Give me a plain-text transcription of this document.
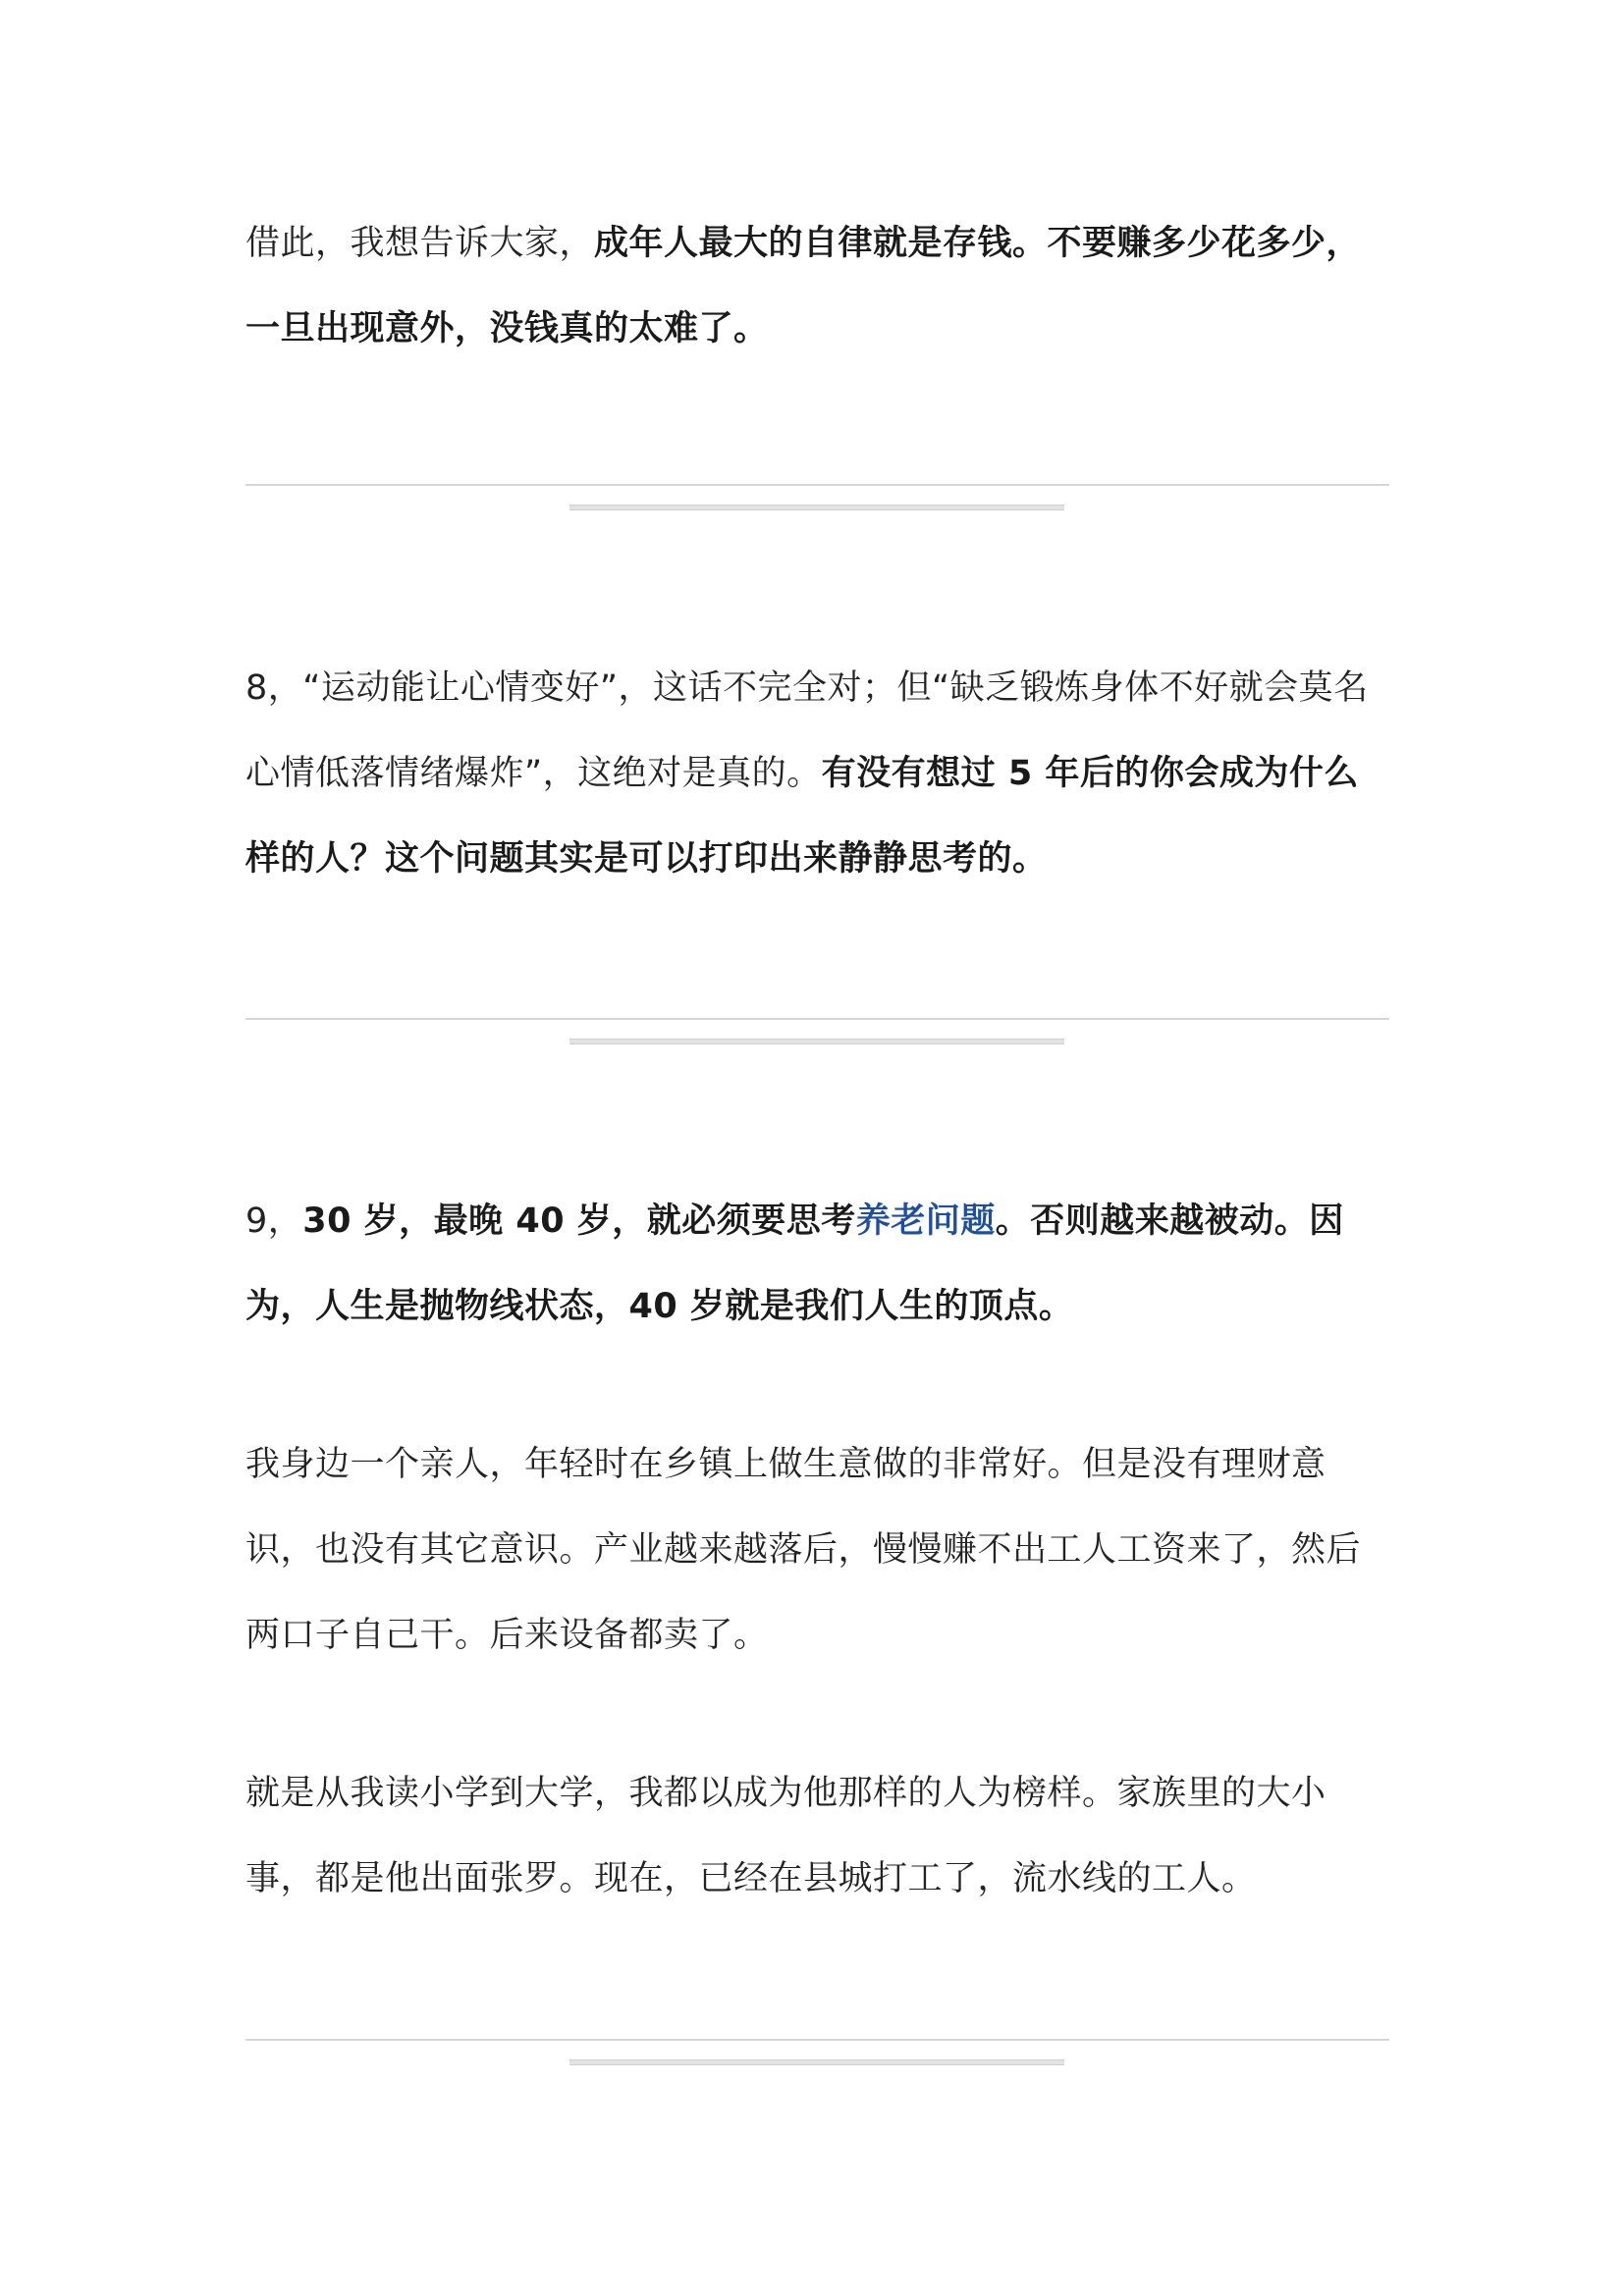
借此，我想告诉大家，成年人最大的自律就是存钱。不要赚多少花多少，一旦出现意外，没钱真的太难了。

8，“运动能让心情变好”，这话不完全对；但“缺乏锻炼身体不好就会莫名心情低落情绪爆炸”，这绝对是真的。有没有想过 5 年后的你会成为什么样的人？这个问题其实是可以打印出来静静思考的。

9，30 岁，最晚 40 岁，就必须要思考养老问题。否则越来越被动。因为，人生是抛物线状态，40 岁就是我们人生的顶点。

我身边一个亲人，年轻时在乡镇上做生意做的非常好。但是没有理财意识，也没有其它意识。产业越来越落后，慢慢赚不出工人工资来了，然后两口子自己干。后来设备都卖了。

就是从我读小学到大学，我都以成为他那样的人为榜样。家族里的大小事，都是他出面张罗。现在，已经在县城打工了，流水线的工人。
